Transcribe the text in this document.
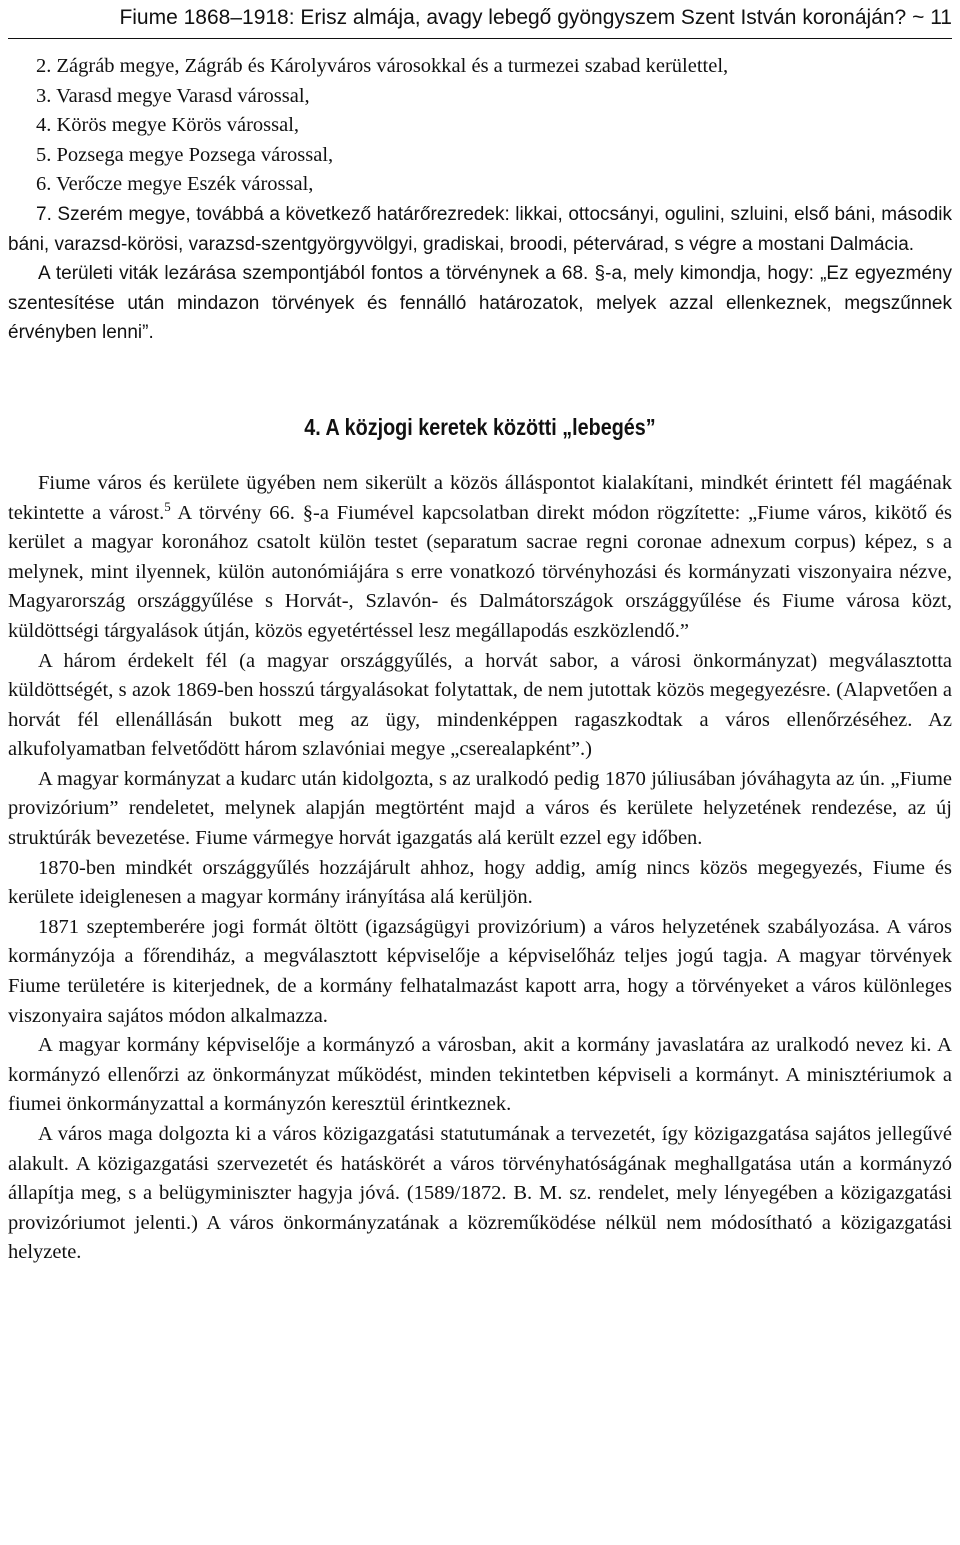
Fiume 1868–1918: Erisz almája, avagy lebegő gyöngyszem Szent István koronáján? ~ 11
2. Zágráb megye, Zágráb és Károlyváros városokkal és a turmezei szabad kerülettel,
3. Varasd megye Varasd várossal,
4. Körös megye Körös várossal,
5. Pozsega megye Pozsega várossal,
6. Verőcze megye Eszék várossal,
7. Szerém megye, továbbá a következő határőrezredek: likkai, ottocsányi, ogulini, szluini, első báni, második báni, varazsd-körösi, varazsd-szentgyörgyvölgyi, gradiskai, broodi, pétervárad, s végre a mostani Dalmácia.

A területi viták lezárása szempontjából fontos a törvénynek a 68. §-a, mely kimondja, hogy: „Ez egyezmény szentesítése után mindazon törvények és fennálló határozatok, melyek azzal ellenkeznek, megszűnnek érvényben lenni”.

4. A közjogi keretek közötti „lebegés”

Fiume város és kerülete ügyében nem sikerült a közös álláspontot kialakítani, mindkét érintett fél magáénak tekintette a várost.$^5$ A törvény 66. §-a Fiumével kapcsolatban direkt módon rögzítette: „Fiume város, kikötő és kerület a magyar koronához csatolt külön testet (separatum sacrae regni coronae adnexum corpus) képez, s a melynek, mint ilyennek, külön autonómiájára s erre vonatkozó törvényhozási és kormányzati viszonyaira nézve, Magyarország országgyűlése s Horvát-, Szlavón- és Dalmátországok országgyűlése és Fiume városa közt, küldöttségi tárgyalások útján, közös egyetértéssel lesz megállapodás eszközlendő.”

A három érdekelt fél (a magyar országgyűlés, a horvát sabor, a városi önkormányzat) megválasztotta küldöttségét, s azok 1869-ben hosszú tárgyalásokat folytattak, de nem jutottak közös megegyezésre. (Alapvetően a horvát fél ellenállásán bukott meg az ügy, mindenképpen ragaszkodtak a város ellenőrzéséhez. Az alkufolyamatban felvetődött három szlavóniai megye „cserealapként”.)

A magyar kormányzat a kudarc után kidolgozta, s az uralkodó pedig 1870 júliusában jóváhagyta az ún. „Fiume provizórium” rendeletet, melynek alapján megtörtént majd a város és kerülete helyzetének rendezése, az új struktúrák bevezetése. Fiume vármegye horvát igazgatás alá került ezzel egy időben.

1870-ben mindkét országgyűlés hozzájárult ahhoz, hogy addig, amíg nincs közös megegyezés, Fiume és kerülete ideiglenesen a magyar kormány irányítása alá kerüljön.

1871 szeptemberére jogi formát öltött (igazságügyi provizórium) a város helyzetének szabályozása. A város kormányzója a főrendiház, a megválasztott képviselője a képviselőház teljes jogú tagja. A magyar törvények Fiume területére is kiterjednek, de a kormány felhatalmazást kapott arra, hogy a törvényeket a város különleges viszonyaira sajátos módon alkalmazza.

A magyar kormány képviselője a kormányzó a városban, akit a kormány javaslatára az uralkodó nevez ki. A kormányzó ellenőrzi az önkormányzat működést, minden tekintetben képviseli a kormányt. A minisztériumok a fiumei önkormányzattal a kormányzón keresztül érintkeznek.

A város maga dolgozta ki a város közigazgatási statutumának a tervezetét, így közigazgatása sajátos jellegűvé alakult. A közigazgatási szervezetét és hatáskörét a város törvényhatóságának meghallgatása után a kormányzó állapítja meg, s a belügyminiszter hagyja jóvá. (1589/1872. B. M. sz. rendelet, mely lényegében a közigazgatási provizóriumot jelenti.) A város önkormányzatának a közreműködése nélkül nem módosítható a közigazgatási helyzete.
